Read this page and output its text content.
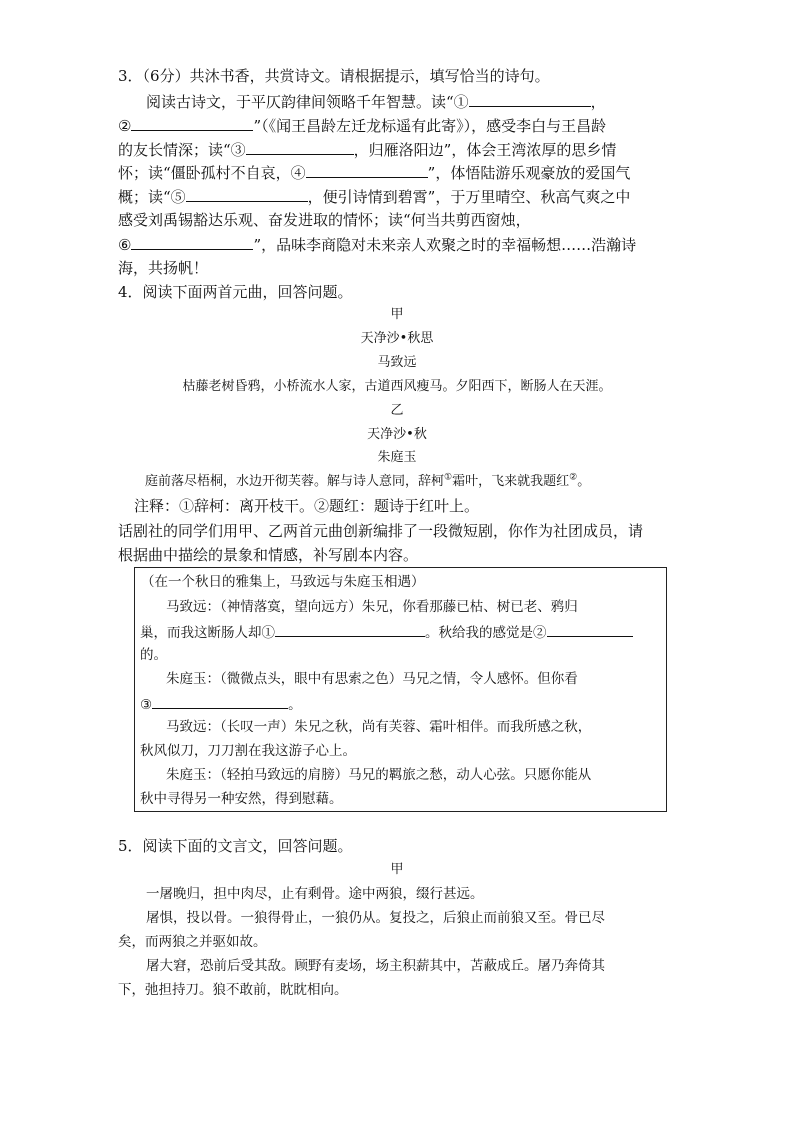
3．（6分）共沐书香，共赏诗文。请根据提示，填写恰当的诗句。
阅读古诗文，于平仄韵律间领略千年智慧。读“①	，
②	”（《闻王昌龄左迁龙标遥有此寄》），感受李白与王昌龄
的友长情深；读“③	，归雁洛阳边”，体会王湾浓厚的思乡情
怀；读“僵卧孤村不自哀，④	”，体悟陆游乐观豪放的爱国气
概；读“⑤	，便引诗情到碧霄”，于万里晴空、秋高气爽之中
感受刘禹锡豁达乐观、奋发进取的情怀；读“何当共剪西窗烛，
⑥	”，品味李商隐对未来亲人欢聚之时的幸福畅想……浩瀚诗
海，共扬帆！
4．阅读下面两首元曲，回答问题。
甲
天净沙•秋思
马致远
枯藤老树昏鸦，小桥流水人家，古道西风瘦马。夕阳西下，断肠人在天涯。
乙
天净沙•秋
朱庭玉
庭前落尽梧桐，水边开彻芙蓉。解与诗人意同，辞柯①霜叶，飞来就我题红②。
注释：①辞柯：离开枝干。②题红：题诗于红叶上。
话剧社的同学们用甲、乙两首元曲创新编排了一段微短剧，你作为社团成员，请
根据曲中描绘的景象和情感，补写剧本内容。
（在一个秋日的雅集上，马致远与朱庭玉相遇）
马致远：（神情落寞，望向远方）朱兄，你看那藤已枯、树已老、鸦归
巢，而我这断肠人却①	。秋给我的感觉是②
的。
朱庭玉：（微微点头，眼中有思索之色）马兄之情，令人感怀。但你看
③	。
马致远：（长叹一声）朱兄之秋，尚有芙蓉、霜叶相伴。而我所感之秋，
秋风似刀，刀刀割在我这游子心上。
朱庭玉：（轻拍马致远的肩膀）马兄的羁旅之愁，动人心弦。只愿你能从
秋中寻得另一种安然，得到慰藉。
5．阅读下面的文言文，回答问题。
甲
一屠晚归，担中肉尽，止有剩骨。途中两狼，缀行甚远。
屠惧，投以骨。一狼得骨止，一狼仍从。复投之，后狼止而前狼又至。骨已尽
矣，而两狼之并驱如故。
屠大窘，恐前后受其敌。顾野有麦场，场主积薪其中，苫蔽成丘。屠乃奔倚其
下，弛担持刀。狼不敢前，眈眈相向。
